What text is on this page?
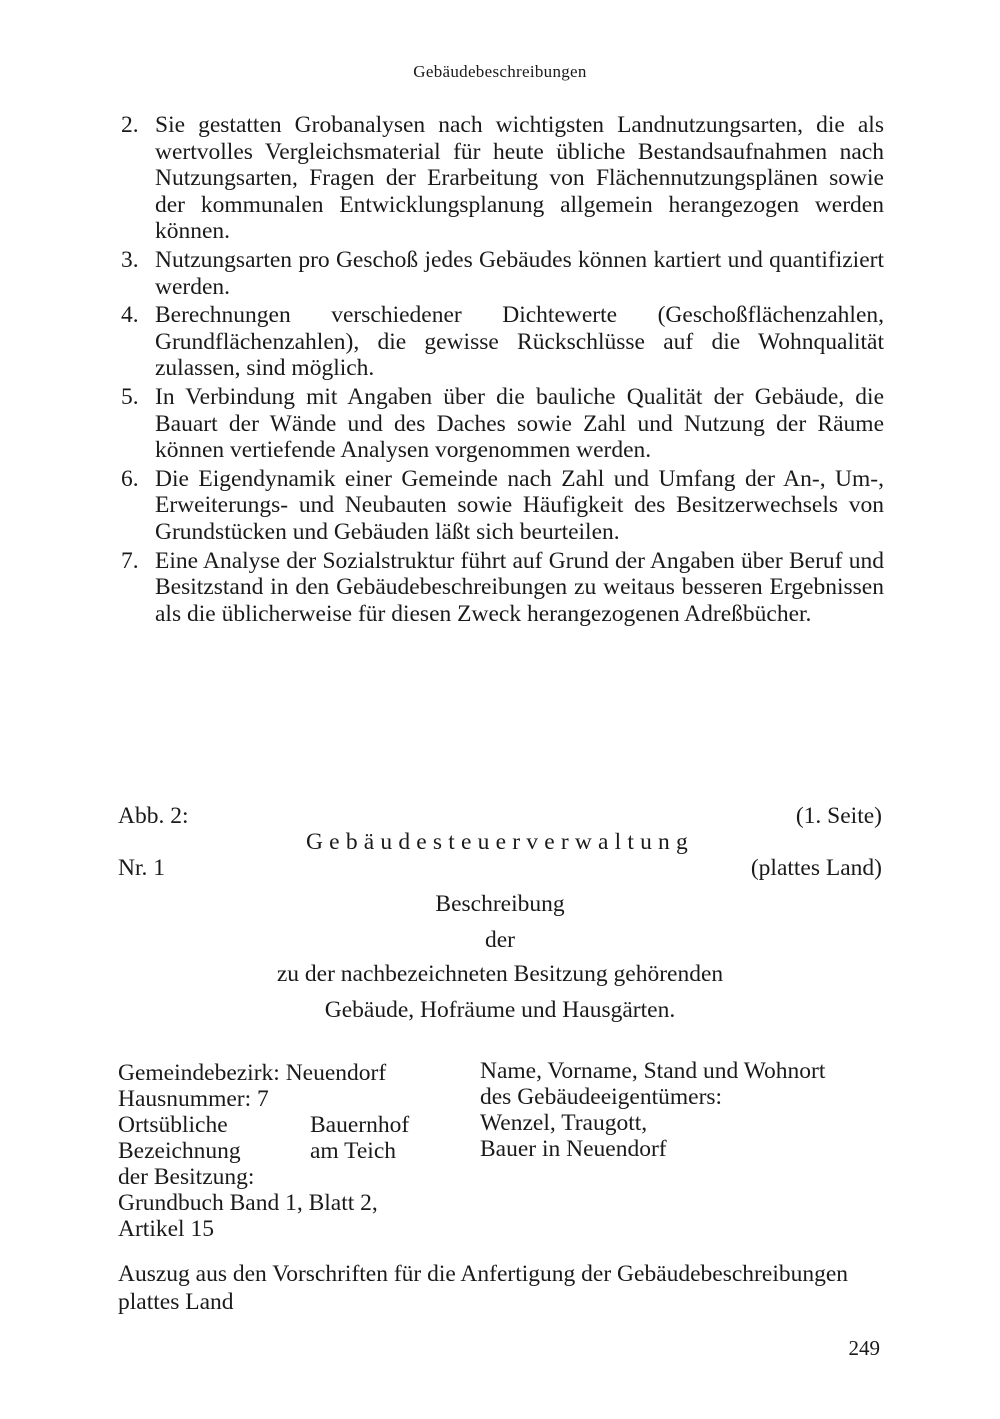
Gebäudebeschreibungen
2. Sie gestatten Grobanalysen nach wichtigsten Landnutzungsarten, die als wertvolles Vergleichsmaterial für heute übliche Bestandsaufnahmen nach Nutzungsarten, Fragen der Erarbeitung von Flächennutzungsplänen sowie der kommunalen Entwicklungsplanung allgemein herangezogen werden können.
3. Nutzungsarten pro Geschoß jedes Gebäudes können kartiert und quantifiziert werden.
4. Berechnungen verschiedener Dichtewerte (Geschoßflächenzahlen, Grundflächenzahlen), die gewisse Rückschlüsse auf die Wohnqualität zulassen, sind möglich.
5. In Verbindung mit Angaben über die bauliche Qualität der Gebäude, die Bauart der Wände und des Daches sowie Zahl und Nutzung der Räume können vertiefende Analysen vorgenommen werden.
6. Die Eigendynamik einer Gemeinde nach Zahl und Umfang der An-, Um-, Erweiterungs- und Neubauten sowie Häufigkeit des Besitzerwechsels von Grundstücken und Gebäuden läßt sich beurteilen.
7. Eine Analyse der Sozialstruktur führt auf Grund der Angaben über Beruf und Besitzstand in den Gebäudebeschreibungen zu weitaus besseren Ergebnissen als die üblicherweise für diesen Zweck herangezogenen Adreßbücher.
Abb. 2:	(1. Seite)
Gebäudesteuerverwaltung
Nr. 1	(plattes Land)
Beschreibung
der
zu der nachbezeichneten Besitzung gehörenden
Gebäude, Hofräume und Hausgärten.
Gemeindebezirk: Neuendorf
Hausnummer: 7
Ortsübliche	Bauernhof
Bezeichnung	am Teich
der Besitzung:
Grundbuch Band 1, Blatt 2,
Artikel 15
Name, Vorname, Stand und Wohnort
des Gebäudeeigentümers:
Wenzel, Traugott,
Bauer in Neuendorf
Auszug aus den Vorschriften für die Anfertigung der Gebäudebeschreibungen
plattes Land
249
